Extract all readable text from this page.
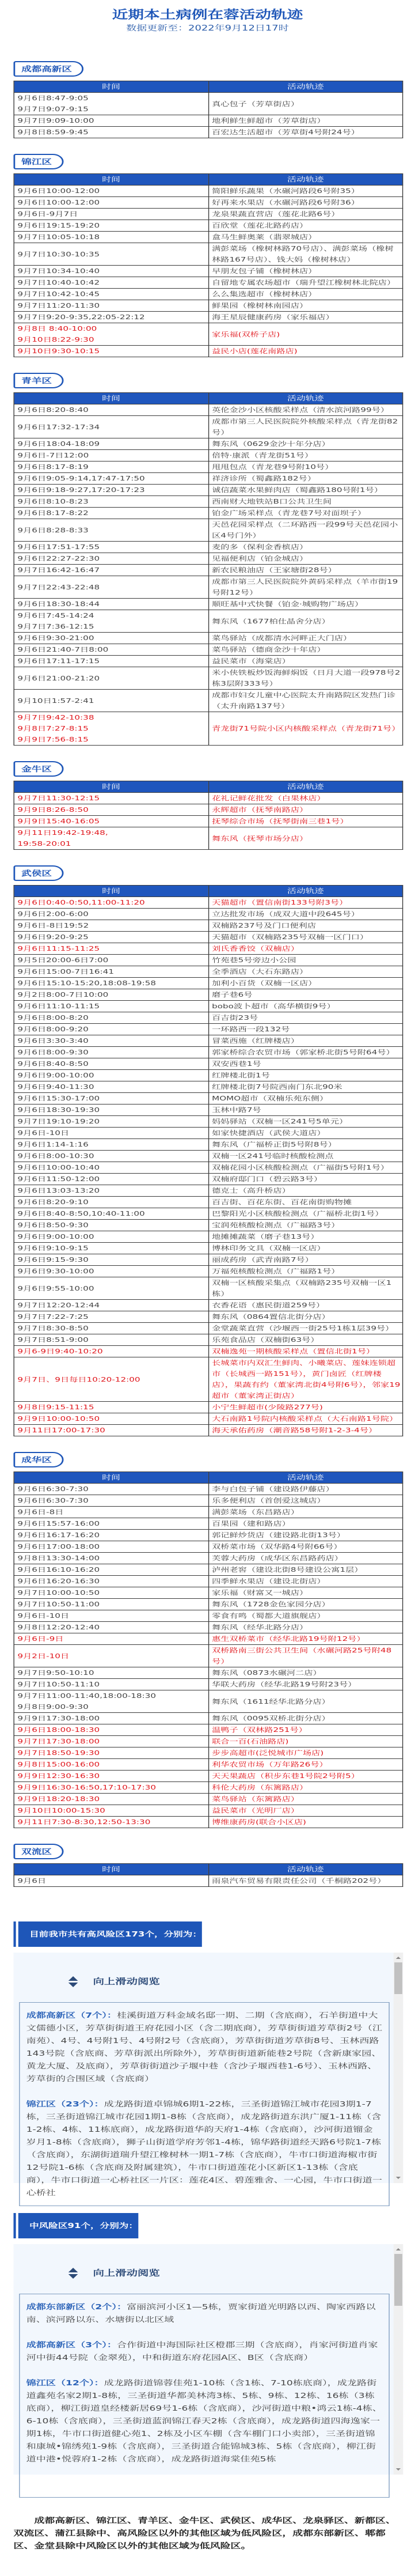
近期本土病例在蓉活动轨迹
数据更新至：2022年9月12日17时
成都高新区
时间	活动轨迹

9月6日8:47-9:05
9月7日9:07-9:15	真心包子（芳草街店）

9月7日9:09-10:00	地利鲜生鲜超市（芳草街店）

9月8日8:59-9:45	百宏达生活超市（芳草街4号附24号）
锦江区
时间	活动轨迹

9月6日10:00-12:00	简阳鲜乐蔬果（水碾河路段6号附35）

9月6日10:00-12:00	好再来水果店（水碾河路段6号附36）

9月6日-9月7日	龙泉果蔬直营店（莲花北路6号）

9月6日19:15-19:20	百欣堂（莲花北路药店）

9月7日10:05-10:18	盒马生鲜奥莱（翡翠城店）

9月7日10:30-10:35	满彭菜场（橡树林路70号店）、满彭菜场（橡树林路167号店）、钱大妈（橡树林店）

9月7日10:34-10:40	早朋友包子铺（橡树林店）

9月7日10:40-10:42	自留地专属农场超市（瑞升望江橡树林北院店）

9月7日10:42-10:45	么么集选超市（橡树林店）

9月7日11:20-11:30	鲜果园（橡树林南园店）

9月7日9:20-9:35,22:05-22:12	海王星辰健康药房（家乐福店）

9月8日 8:40-10:00
9月10日8:22-9:30	家乐福(双桥子店)

9月10日9:30-10:15	益民小店(莲花南路店)
青羊区
时间	活动轨迹

9月6日8:20-8:40	英伦金沙小区核酸采样点（清水滨河路99号）

9月6日17:32-17:34	成都市第三人民医院院外核酸采样点（青龙街82号）

9月6日18:04-18:09	舞东风（0629金沙十年分店）

9月6日-7日12:00	倍特·康派（青龙街51号）

9月6日8:17-8:19	甩甩包点（青龙巷9号附10号）

9月6日9:05-9:14,17:47-17:50	祥济诊所（蜀鑫路182号）

9月6日9:18-9:27,17:20-17:23	诚信蔬菜水果鲜肉店（蜀鑫路180号附1号）

9月6日8:10-8:23	西南财大地铁站B口公共卫生间

9月6日8:17-8:22	铂金广场采样点（青龙巷7号对面坝子）

9月6日8:28-8:33	天邑花园采样点（二环路西一段99号天邑花园小区4号门外）

9月6日17:51-17:55	麦的多（保利金香槟店）

9月6日22:27-22:30	见福便利店（铂金城店）

9月7日16:42-16:47	新农民粮油店（王家塘街28号）

9月7日22:43-22:48	成都市第三人民医院院外黄码采样点（羊市街19号附12号）

9月6日18:30-18:44	顺旺基中式快餐（铂金·城购物广场店）

9月6日7:45-14:24
9月7日7:36-12:15	舞东风（1677柏仕晶舍分店）

9月6日9:30-21:00	菜鸟驿站（成都清水河畔正大门店）

9月6日21:40-7日8:00	菜鸟驿站（德商金沙十年店）

9月6日17:11-17:15	益民菜市（海棠店）

9月6日21:00-21:20	米小侠铁板炒饭海鲜焖饭（日月大道一段978号2栋3层附333号）

9月10日1:57-2:41	成都市妇女儿童中心医院太升南路院区发热门诊（太升南路137号）

9月7日9:42-10:38
9月8日7:27-8:15
9月9日7:56-8:15	青龙街71号院小区内核酸采样点（青龙街71号）
金牛区
时间	活动轨迹

9月7日11:30-12:15	花礼记鲜花批发（白果林店）

9月9日8:26-8:50	永辉超市（抚琴南路店）

9月9日15:40-16:05	抚琴综合市场（抚琴街南三巷1号）

9月11日19:42-19:48,
19:58-20:01	舞东风（抚琴市场分店）
武侯区
时间	活动轨迹

9月6日0:40-0:50,11:00-11:20	天猫超市（置信南街133号附3号）

9月6日2:00-6:00	立达批发市场（成双大道中段645号）

9月6日-8日19:52	双楠路237号及门口便利店

9月6日9:20-9:25	天猫超市（双楠路235号双楠一区门口）

9月6日11:15-11:25	刘氏香香饺（双楠店）

9月5日20:00-6日7:00	竹苑巷5号旁边小公园

9月6日15:00-7日16:41	全季酒店（大石东路店）

9月6日15:10-15:20,18:08-19:58	加利小百货（双楠一区店）

9月2日8:00-7日10:00	磨子巷6号

9月6日11:10-11:15	bobo波卜超市（高华横街9号）

9月6日8:00-8:20	百吉街23号

9月6日8:00-9:20	一环路西一段132号

9月6日3:30-3:40	冒菜西施（红牌楼店）

9月6日8:00-9:30	郭家桥综合农贸市场（郭家桥北街5号附64号）

9月6日8:40-8:50	双安西巷1号

9月6日9:00-10:00	红牌楼北街1号

9月6日9:40-11:30	红牌楼北街7号院西南门东北90米

9月6日15:30-17:00	MOMO超市（双楠乐苑东侧）

9月6日18:30-19:30	玉林中路7号

9月7日19:10-19:20	妈妈驿站（双楠一区241号5单元）

9月6日-10日	如家快捷酒店（武侯大道店）

9月6日1:14-1:16	舞东风（广福桥正街5号附8号）

9月6日8:00-10:30	双楠一区241号临时核酸检测点

9月6日10:00-10:40	双楠花园小区核酸检测点（广福街5号附1号）

9月6日11:50-12:00	双楠府邸门口（碧云路3号）

9月6日13:03-13:20	德克士（高升桥店）

9月6日8:20-9:10	百吉街、百花东街、百花南街购物摊

9月6日8:40-8:50,10:40-11:00	巴黎阳光小区核酸检测点（广福桥北街1号）

9月6日8:50-9:30	宝润苑核酸检测点（广福路3号）

9月6日9:00-10:00	地摊摊蔬菜（磨子巷13号）

9月6日9:10-9:15	博林印务文具（双楠一区店）

9月6日9:15-9:30	丽成药房（武青南路7号）

9月6日9:30-10:00	万福苑核酸检测点（广福路1号）

9月6日9:55-10:00	双楠一区核酸采集点（双楠路235号双楠一区1栋）

9月7日12:20-12:44	衣香花语（惠民街道259号）

9月7日7:22-7:25	舞东风（0864置信北街分店）

9月7日8:30-8:50	金堂蔬菜直营（沙堰西一街25号1栋1层39号）

9月7日8:51-9:00	乐苑食品店（双楠街63号）

9月6-9日9:40-10:20	双楠逸苑一期核酸采样点（置信北街1号）

9月7日、9日每日10:20-12:00	长城菜市内双汇生鲜肉、小曦菜店、莲妹连锁超市（长城西一路151号），黄门卤匠（红牌楼店），果蔬有约（董家湾北街4号附6号），邻家19超市（董家湾正街店）

9月8日9:15-11:15	小宁生鲜超市(少陵路277号)

9月9日10:00-10:50	大石南路1号院内核酸采样点（大石南路1号院）

9月11日17:00-17:30	海天承佑药房（潮音路58号附1-2-3-4号）
成华区
时间	活动轨迹

9月6日6:30-7:30	李与白包子铺（建设路伊藤店）

9月6日6:30-7:30	乐多便利店（首创爱这城店）

9月6日-8日	满彭菜场（东昌路店）

9月6日15:57-16:00	百果园（建和路店）

9月6日16:17-16:20	郭记鲜炒货店（建设路北街13号）

9月6日17:00-18:00	双桥菜市场（双华路4号附66号）

9月8日13:30-14:00	芙蓉大药房（成华区东昌路药店）

9月6日16:10-16:20	泸州老窖（建设北街8号建设公寓1层）

9月6日16:20-16:30	四季鲜水果店（建设北街店）

9月7日10:00-10:50	家乐福（财富又一城店）

9月7日10:50-11:00	舞东风（1728金色家园分店）

9月6日-10日	零食有鸣（蜀都大道旗舰店）

9月8日12:20-12:40	舞东风（经华北路分店）

9月6日-9日	惠生双桥菜市（经华北路19号附12号）

9月2日-10日	双桥路南三街公共卫生间（水碾河路25号附48号）

9月7日9:50-10:10	舞东风（0873水碾河二店）

9月7日10:50-11:10	华联大药房（经华北路19号附23号）

9月7日11:00-11:40,18:00-18:30
9月8日9:00-9:30	舞东风（1611经华北路分店）

9月9日17:30-18:00	舞东风（0095双桥北街分店）

9月6日18:00-18:30	温鸭子（双林路251号）

9月7日17:30-18:00	联合一百(石油路店)

9月7日18:50-19:30	步步高超市(泛悦城市广场店)

9月8日15:00-16:00	利华农贸市场（万年路26号）

9月9日12:30-16:30	天天果蔬店（积步东巷1号院2号附5）

9月9日16:30-16:50,17:10-17:30	科伦大药房（东篱路店）

9月9日18:20-18:30	菜鸟驿站（东篱路店）

9月10日10:00-15:30	益民菜市（光明厂店）

9月11日7:30-8:30,12:50-13:30	博维康药房(联合小区店)
双流区
时间	活动轨迹

9月6日	雨泉汽车贸易有限责任公司（千桐路202号）
目前我市共有高风险区173个，分别为：
向上滑动阅览

成都高新区（7个）：桂溪街道万科金域名邸一期、二期（含底商），石羊街道中大文儒德小区，芳草街街道王府花园小区（含二期底商），芳草街街道芳草街2号（江南苑）、4号、4号附1号、4号附2号（含底商），芳草街街道芳草街8号、玉林西路143号院（含底商、芳草街派出所除外），芳草街街道新能巷2号院（含新康家园、黄龙大厦、及底商），芳草街街道沙子堰中巷（含沙子堰西巷1-6号）、玉林西路、芳草街的合围区域（含底商）

锦江区（23个）：成龙路街道卓锦城6期1-22栋，三圣街道锦江城市花园3期1-7栋，三圣街道锦江城市花园1期1-8栋（含底商），成龙路街道东洪广厦1-11栋（含1-2栋、4栋、11栋底商），成龙路街道华韵天府1-4栋（含底商），沙河街道镏金岁月1-8栋（含底商），狮子山街道学府芳邻1-4栋，锦华路街道经天路6号院1-7栋（含底商），东湖街道瑞升望江橡树林一期1-7栋（含底商），牛市口街道海椒市街12号院1-6栋（含底商及附属建筑），牛市口街道莲花小区新区1-13栋（含底商），牛市口街道一心桥社区一片区：莲花4区、碧莲雅舍、一心园，牛市口街道一心桥社

中风险区91个，分别为：
向上滑动阅览

成都东部新区（2个）：富丽滨河小区1—5栋，贾家街道光明路以西、陶家西路以南、滨河路以东、水塘街以北区域

成都高新区（3个）：合作街道中海国际社区橙郡三期（含底商），肖家河街道肖家河中街44号院（金翠苑），中和街道东府花园A区、B区（含底商）

锦江区（12个）：成龙路街道锦蓉佳苑1-10栋（含1栋、7-10栋底商），成龙路街道鑫苑名家2期1-8栋，三圣街道华都美林湾3栋、5栋、9栋、12栋、16栋（3栋底商），柳江街道皇经楼新居69号1-6栋（含底商），沙河街道中粮•鸿云1栋-4栋、6-10栋（含底商），三圣街道蓝润锦江春天2栋（含底商），成龙路街道四海逸家一期1栋，牛市口街道健心苑1、2栋及小区车棚（含车棚门口小卖部），三圣街道锦和康城•锦绣苑1-9栋（含底商），三圣街道合能锦城3栋、5栋（含底商），柳江街道中港•悦蓉府1-2栋（含底商），成龙路街道海棠佳苑5栋

成都高新区、锦江区、青羊区、金牛区、武侯区、成华区、龙泉驿区、新都区、双流区、蒲江县除中、高风险区以外的其他区域为低风险区，成都东部新区、郫都区、金堂县除中风险区以外的其他区域为低风险区。
